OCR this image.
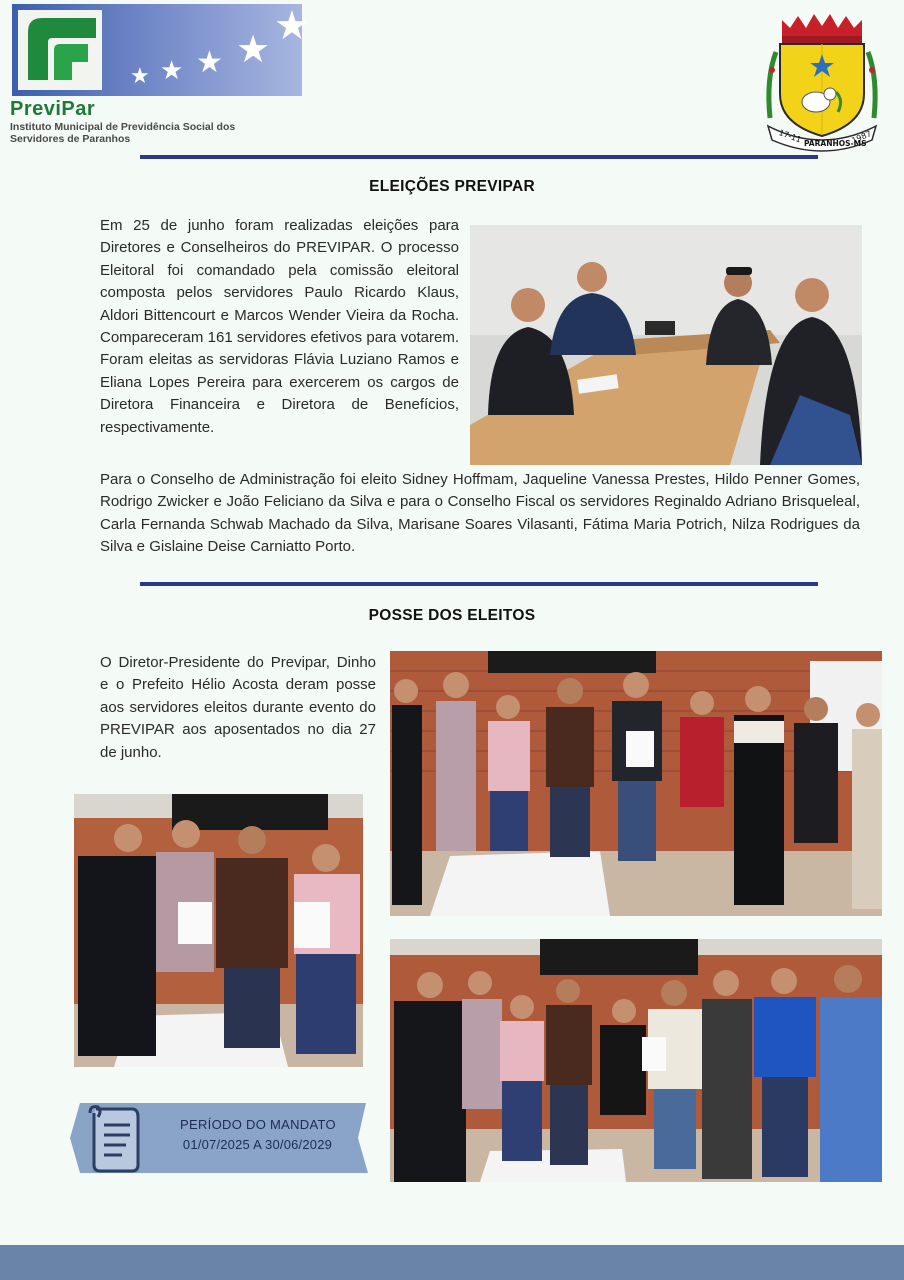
★ ★ ★ ★ ★
PreviPar
Instituto Municipal de Previdência Social dos
Servidores de Paranhos	17-11 PARANHOS-MS
1987
ELEIÇÕES PREVIPAR
Em 25 de junho foram realizadas eleições para Diretores e Conselheiros do PREVIPAR. O processo Eleitoral foi comandado pela comissão eleitoral composta pelos servidores Paulo Ricardo Klaus, Aldori Bittencourt e Marcos Wender Vieira da Rocha. Compareceram 161 servidores efetivos para votarem. Foram eleitas as servidoras Flávia Luziano Ramos e Eliana Lopes Pereira para exercerem os cargos de Diretora Financeira e Diretora de Benefícios, respectivamente.
Para o Conselho de Administração foi eleito Sidney Hoffmam, Jaqueline Vanessa Prestes, Hildo Penner Gomes, Rodrigo Zwicker e João Feliciano da Silva e para o Conselho Fiscal os servidores Reginaldo Adriano Brisqueleal, Carla Fernanda Schwab Machado da Silva, Marisane Soares Vilasanti, Fátima Maria Potrich, Nilza Rodrigues da Silva e Gislaine Deise Carniatto Porto.
POSSE DOS ELEITOS
O Diretor-Presidente do Previpar, Dinho e o Prefeito Hélio Acosta deram posse aos servidores eleitos durante evento do PREVIPAR aos aposentados no dia 27 de junho.
PERÍODO DO MANDATO
01/07/2025 A 30/06/2029
